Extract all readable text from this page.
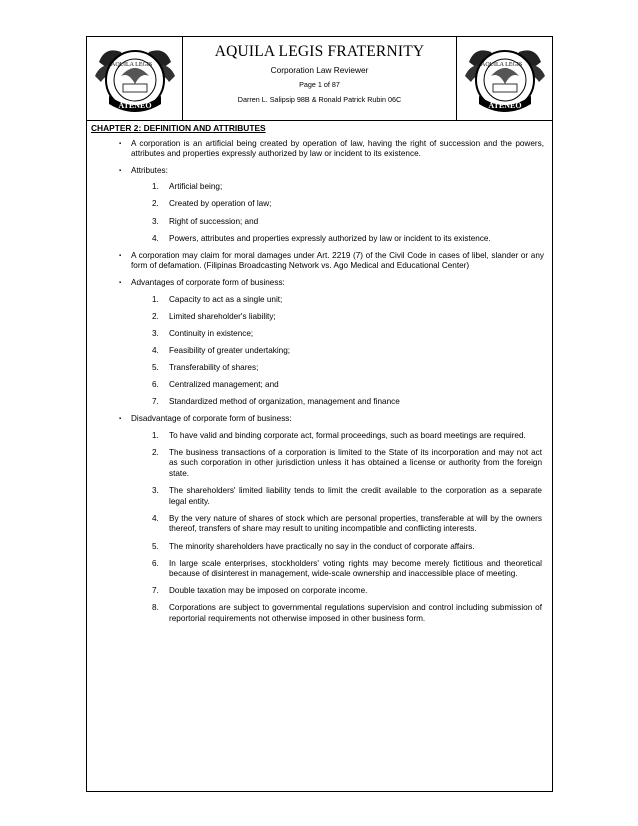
ATENEO
AQUILA LEGIS
AQUILA LEGIS FRATERNITY
Corporation Law Reviewer
Page 1 of 87
Darren L. Salipsip 98B & Ronald Patrick Rubin 06C
ATENEO
AQUILA LEGIS
CHAPTER 2: DEFINITION AND ATTRIBUTES
▪ A corporation is an artificial being created by operation of law, having the right of succession and the powers, attributes and properties expressly authorized by law or incident to its existence.
▪ Attributes:
1. Artificial being;
2. Created by operation of law;
3. Right of succession; and
4. Powers, attributes and properties expressly authorized by law or incident to its existence.
▪ A corporation may claim for moral damages under Art. 2219 (7) of the Civil Code in cases of libel, slander or any form of defamation. (Filipinas Broadcasting Network vs. Ago Medical and Educational Center)
▪ Advantages of corporate form of business:
1. Capacity to act as a single unit;
2. Limited shareholder's liability;
3. Continuity in existence;
4. Feasibility of greater undertaking;
5. Transferability of shares;
6. Centralized management; and
7. Standardized method of organization, management and finance
▪ Disadvantage of corporate form of business:
1. To have valid and binding corporate act, formal proceedings, such as board meetings are required.
2. The business transactions of a corporation is limited to the State of its incorporation and may not act as such corporation in other jurisdiction unless it has obtained a license or authority from the foreign state.
3. The shareholders' limited liability tends to limit the credit available to the corporation as a separate legal entity.
4. By the very nature of shares of stock which are personal properties, transferable at will by the owners thereof, transfers of share may result to uniting incompatible and conflicting interests.
5. The minority shareholders have practically no say in the conduct of corporate affairs.
6. In large scale enterprises, stockholders' voting rights may become merely fictitious and theoretical because of disinterest in management, wide-scale ownership and inaccessible place of meeting.
7. Double taxation may be imposed on corporate income.
8. Corporations are subject to governmental regulations supervision and control including submission of reportorial requirements not otherwise imposed in other business form.
